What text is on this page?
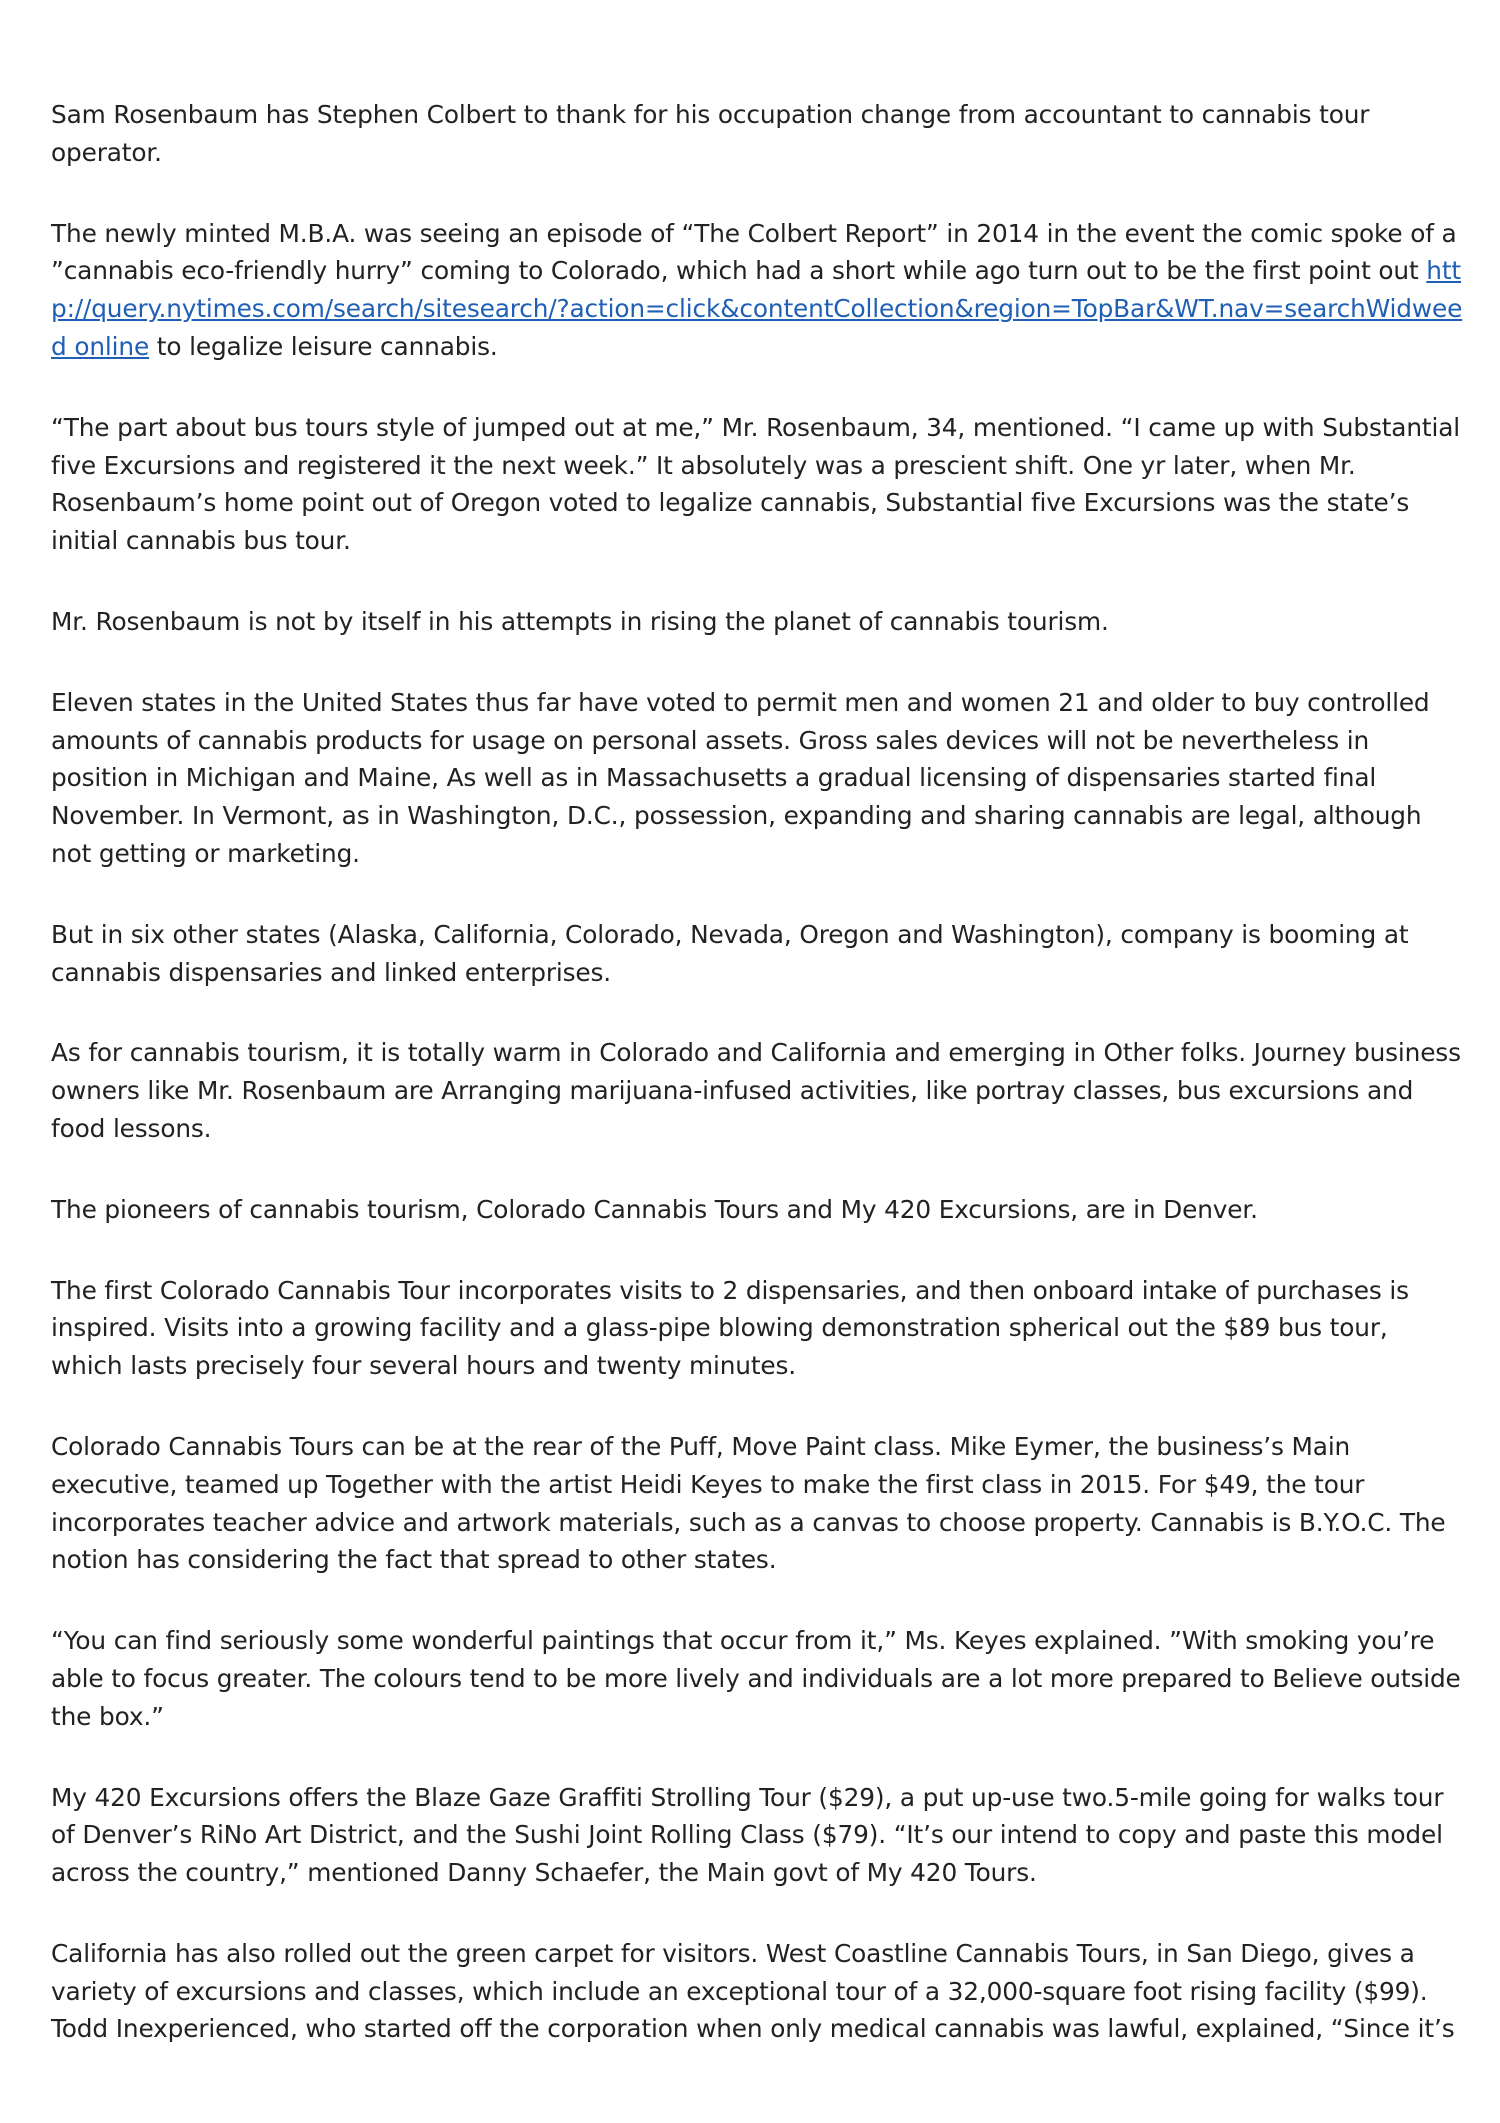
Sam Rosenbaum has Stephen Colbert to thank for his occupation change from accountant to cannabis tour operator.

The newly minted M.B.A. was seeing an episode of “The Colbert Report” in 2014 in the event the comic spoke of a ”cannabis eco-friendly hurry” coming to Colorado, which had a short while ago turn out to be the first point out http://query.nytimes.com/search/sitesearch/?action=click&contentCollection&region=TopBar&WT.nav=searchWidweed online to legalize leisure cannabis.

“The part about bus tours style of jumped out at me,” Mr. Rosenbaum, 34, mentioned. “I came up with Substantial five Excursions and registered it the next week.” It absolutely was a prescient shift. One yr later, when Mr. Rosenbaum’s home point out of Oregon voted to legalize cannabis, Substantial five Excursions was the state’s initial cannabis bus tour.

Mr. Rosenbaum is not by itself in his attempts in rising the planet of cannabis tourism.

Eleven states in the United States thus far have voted to permit men and women 21 and older to buy controlled amounts of cannabis products for usage on personal assets. Gross sales devices will not be nevertheless in position in Michigan and Maine, As well as in Massachusetts a gradual licensing of dispensaries started final November. In Vermont, as in Washington, D.C., possession, expanding and sharing cannabis are legal, although not getting or marketing.

But in six other states (Alaska, California, Colorado, Nevada, Oregon and Washington), company is booming at cannabis dispensaries and linked enterprises.

As for cannabis tourism, it is totally warm in Colorado and California and emerging in Other folks. Journey business owners like Mr. Rosenbaum are Arranging marijuana-infused activities, like portray classes, bus excursions and food lessons.

The pioneers of cannabis tourism, Colorado Cannabis Tours and My 420 Excursions, are in Denver.

The first Colorado Cannabis Tour incorporates visits to 2 dispensaries, and then onboard intake of purchases is inspired. Visits into a growing facility and a glass-pipe blowing demonstration spherical out the $89 bus tour, which lasts precisely four several hours and twenty minutes.

Colorado Cannabis Tours can be at the rear of the Puff, Move Paint class. Mike Eymer, the business’s Main executive, teamed up Together with the artist Heidi Keyes to make the first class in 2015. For $49, the tour incorporates teacher advice and artwork materials, such as a canvas to choose property. Cannabis is B.Y.O.C. The notion has considering the fact that spread to other states.

“You can find seriously some wonderful paintings that occur from it,” Ms. Keyes explained. ”With smoking you’re able to focus greater. The colours tend to be more lively and individuals are a lot more prepared to Believe outside the box.”

My 420 Excursions offers the Blaze Gaze Graffiti Strolling Tour ($29), a put up-use two.5-mile going for walks tour of Denver’s RiNo Art District, and the Sushi Joint Rolling Class ($79). “It’s our intend to copy and paste this model across the country,” mentioned Danny Schaefer, the Main govt of My 420 Tours.

California has also rolled out the green carpet for visitors. West Coastline Cannabis Tours, in San Diego, gives a variety of excursions and classes, which include an exceptional tour of a 32,000-square foot rising facility ($99). Todd Inexperienced, who started off the corporation when only medical cannabis was lawful, explained, “Since it’s
